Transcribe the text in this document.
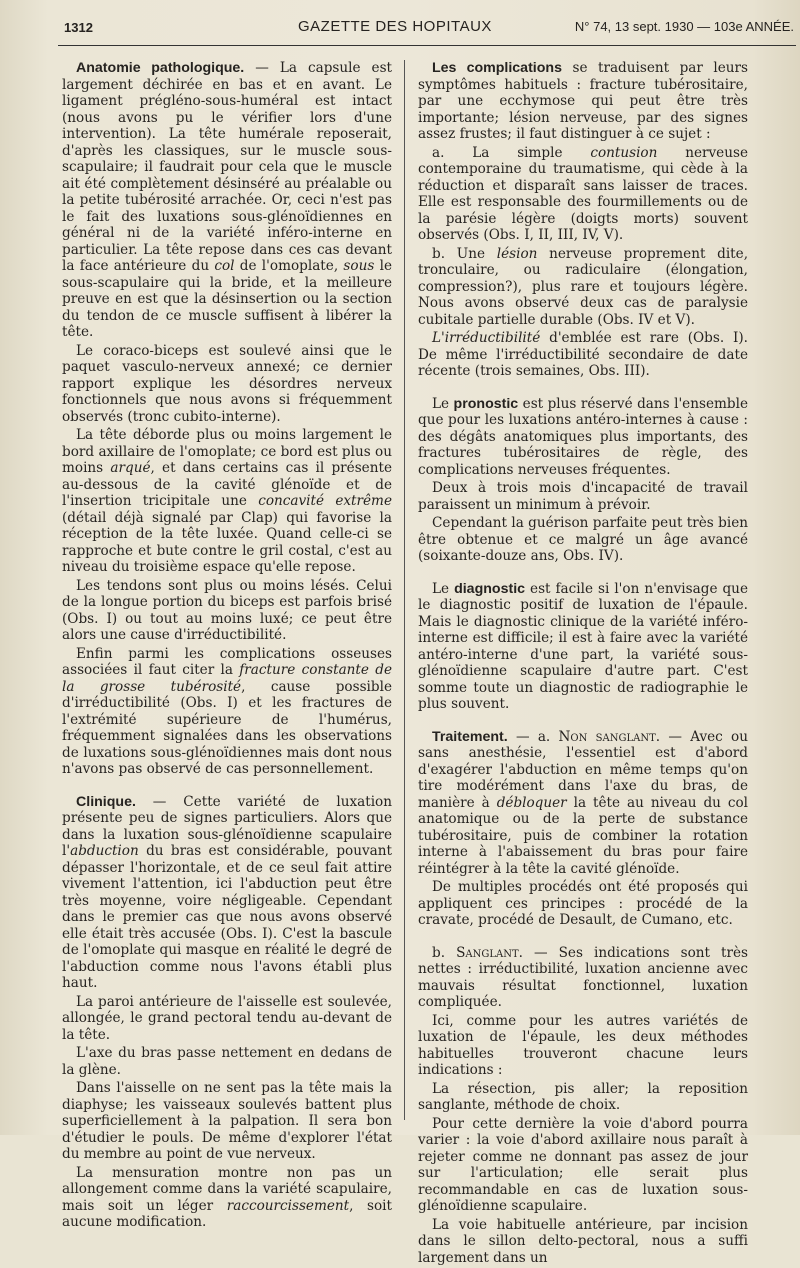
1312	GAZETTE DES HOPITAUX	N° 74, 13 sept. 1930 — 103e ANNÉE.

Anatomie pathologique. — La capsule est largement déchirée en bas et en avant. Le ligament prégléno-sous-huméral est intact (nous avons pu le vérifier lors d'une intervention). La tête humérale reposerait, d'après les classiques, sur le muscle sous-scapulaire; il faudrait pour cela que le muscle ait été complètement désinséré au préalable ou la petite tubérosité arrachée. Or, ceci n'est pas le fait des luxations sous-glénoïdiennes en général ni de la variété inféro-interne en particulier. La tête repose dans ces cas devant la face antérieure du col de l'omoplate, sous le sous-scapulaire qui la bride, et la meilleure preuve en est que la désinsertion ou la section du tendon de ce muscle suffisent à libérer la tête.

Le coraco-biceps est soulevé ainsi que le paquet vasculo-nerveux annexé; ce dernier rapport explique les désordres nerveux fonctionnels que nous avons si fréquemment observés (tronc cubito-interne).

La tête déborde plus ou moins largement le bord axillaire de l'omoplate; ce bord est plus ou moins arqué, et dans certains cas il présente au-dessous de la cavité glénoïde et de l'insertion tricipitale une concavité extrême (détail déjà signalé par Clap) qui favorise la réception de la tête luxée. Quand celle-ci se rapproche et bute contre le gril costal, c'est au niveau du troisième espace qu'elle repose.

Les tendons sont plus ou moins lésés. Celui de la longue portion du biceps est parfois brisé (Obs. I) ou tout au moins luxé; ce peut être alors une cause d'irréductibilité.

Enfin parmi les complications osseuses associées il faut citer la fracture constante de la grosse tubérosité, cause possible d'irréductibilité (Obs. I) et les fractures de l'extrémité supérieure de l'humérus, fréquemment signalées dans les observations de luxations sous-glénoïdiennes mais dont nous n'avons pas observé de cas personnellement.

Clinique. — Cette variété de luxation présente peu de signes particuliers. Alors que dans la luxation sous-glénoïdienne scapulaire l'abduction du bras est considérable, pouvant dépasser l'horizontale, et de ce seul fait attire vivement l'attention, ici l'abduction peut être très moyenne, voire négligeable. Cependant dans le premier cas que nous avons observé elle était très accusée (Obs. I). C'est la bascule de l'omoplate qui masque en réalité le degré de l'abduction comme nous l'avons établi plus haut.

La paroi antérieure de l'aisselle est soulevée, allongée, le grand pectoral tendu au-devant de la tête.

L'axe du bras passe nettement en dedans de la glène.

Dans l'aisselle on ne sent pas la tête mais la diaphyse; les vaisseaux soulevés battent plus superficiellement à la palpation. Il sera bon d'étudier le pouls. De même d'explorer l'état du membre au point de vue nerveux.

La mensuration montre non pas un allongement comme dans la variété scapulaire, mais soit un léger raccourcissement, soit aucune modification.

Les complications se traduisent par leurs symptômes habituels : fracture tubérositaire, par une ecchymose qui peut être très importante; lésion nerveuse, par des signes assez frustes; il faut distinguer à ce sujet :

a. La simple contusion nerveuse contemporaine du traumatisme, qui cède à la réduction et disparaît sans laisser de traces. Elle est responsable des fourmillements ou de la parésie légère (doigts morts) souvent observés (Obs. I, II, III, IV, V).

b. Une lésion nerveuse proprement dite, tronculaire, ou radiculaire (élongation, compression?), plus rare et toujours légère. Nous avons observé deux cas de paralysie cubitale partielle durable (Obs. IV et V).

L'irréductibilité d'emblée est rare (Obs. I). De même l'irréductibilité secondaire de date récente (trois semaines, Obs. III).

Le pronostic est plus réservé dans l'ensemble que pour les luxations antéro-internes à cause : des dégâts anatomiques plus importants, des fractures tubérositaires de règle, des complications nerveuses fréquentes.

Deux à trois mois d'incapacité de travail paraissent un minimum à prévoir.

Cependant la guérison parfaite peut très bien être obtenue et ce malgré un âge avancé (soixante-douze ans, Obs. IV).

Le diagnostic est facile si l'on n'envisage que le diagnostic positif de luxation de l'épaule. Mais le diagnostic clinique de la variété inféro-interne est difficile; il est à faire avec la variété antéro-interne d'une part, la variété sous-glénoïdienne scapulaire d'autre part. C'est somme toute un diagnostic de radiographie le plus souvent.

Traitement. — a. Non sanglant. — Avec ou sans anesthésie, l'essentiel est d'abord d'exagérer l'abduction en même temps qu'on tire modérément dans l'axe du bras, de manière à débloquer la tête au niveau du col anatomique ou de la perte de substance tubérositaire, puis de combiner la rotation interne à l'abaissement du bras pour faire réintégrer à la tête la cavité glénoïde.

De multiples procédés ont été proposés qui appliquent ces principes : procédé de la cravate, procédé de Desault, de Cumano, etc.

b. Sanglant. — Ses indications sont très nettes : irréductibilité, luxation ancienne avec mauvais résultat fonctionnel, luxation compliquée.

Ici, comme pour les autres variétés de luxation de l'épaule, les deux méthodes habituelles trouveront chacune leurs indications :

La résection, pis aller; la reposition sanglante, méthode de choix.

Pour cette dernière la voie d'abord pourra varier : la voie d'abord axillaire nous paraît à rejeter comme ne donnant pas assez de jour sur l'articulation; elle serait plus recommandable en cas de luxation sous-glénoïdienne scapulaire.

La voie habituelle antérieure, par incision dans le sillon delto-pectoral, nous a suffi largement dans un
